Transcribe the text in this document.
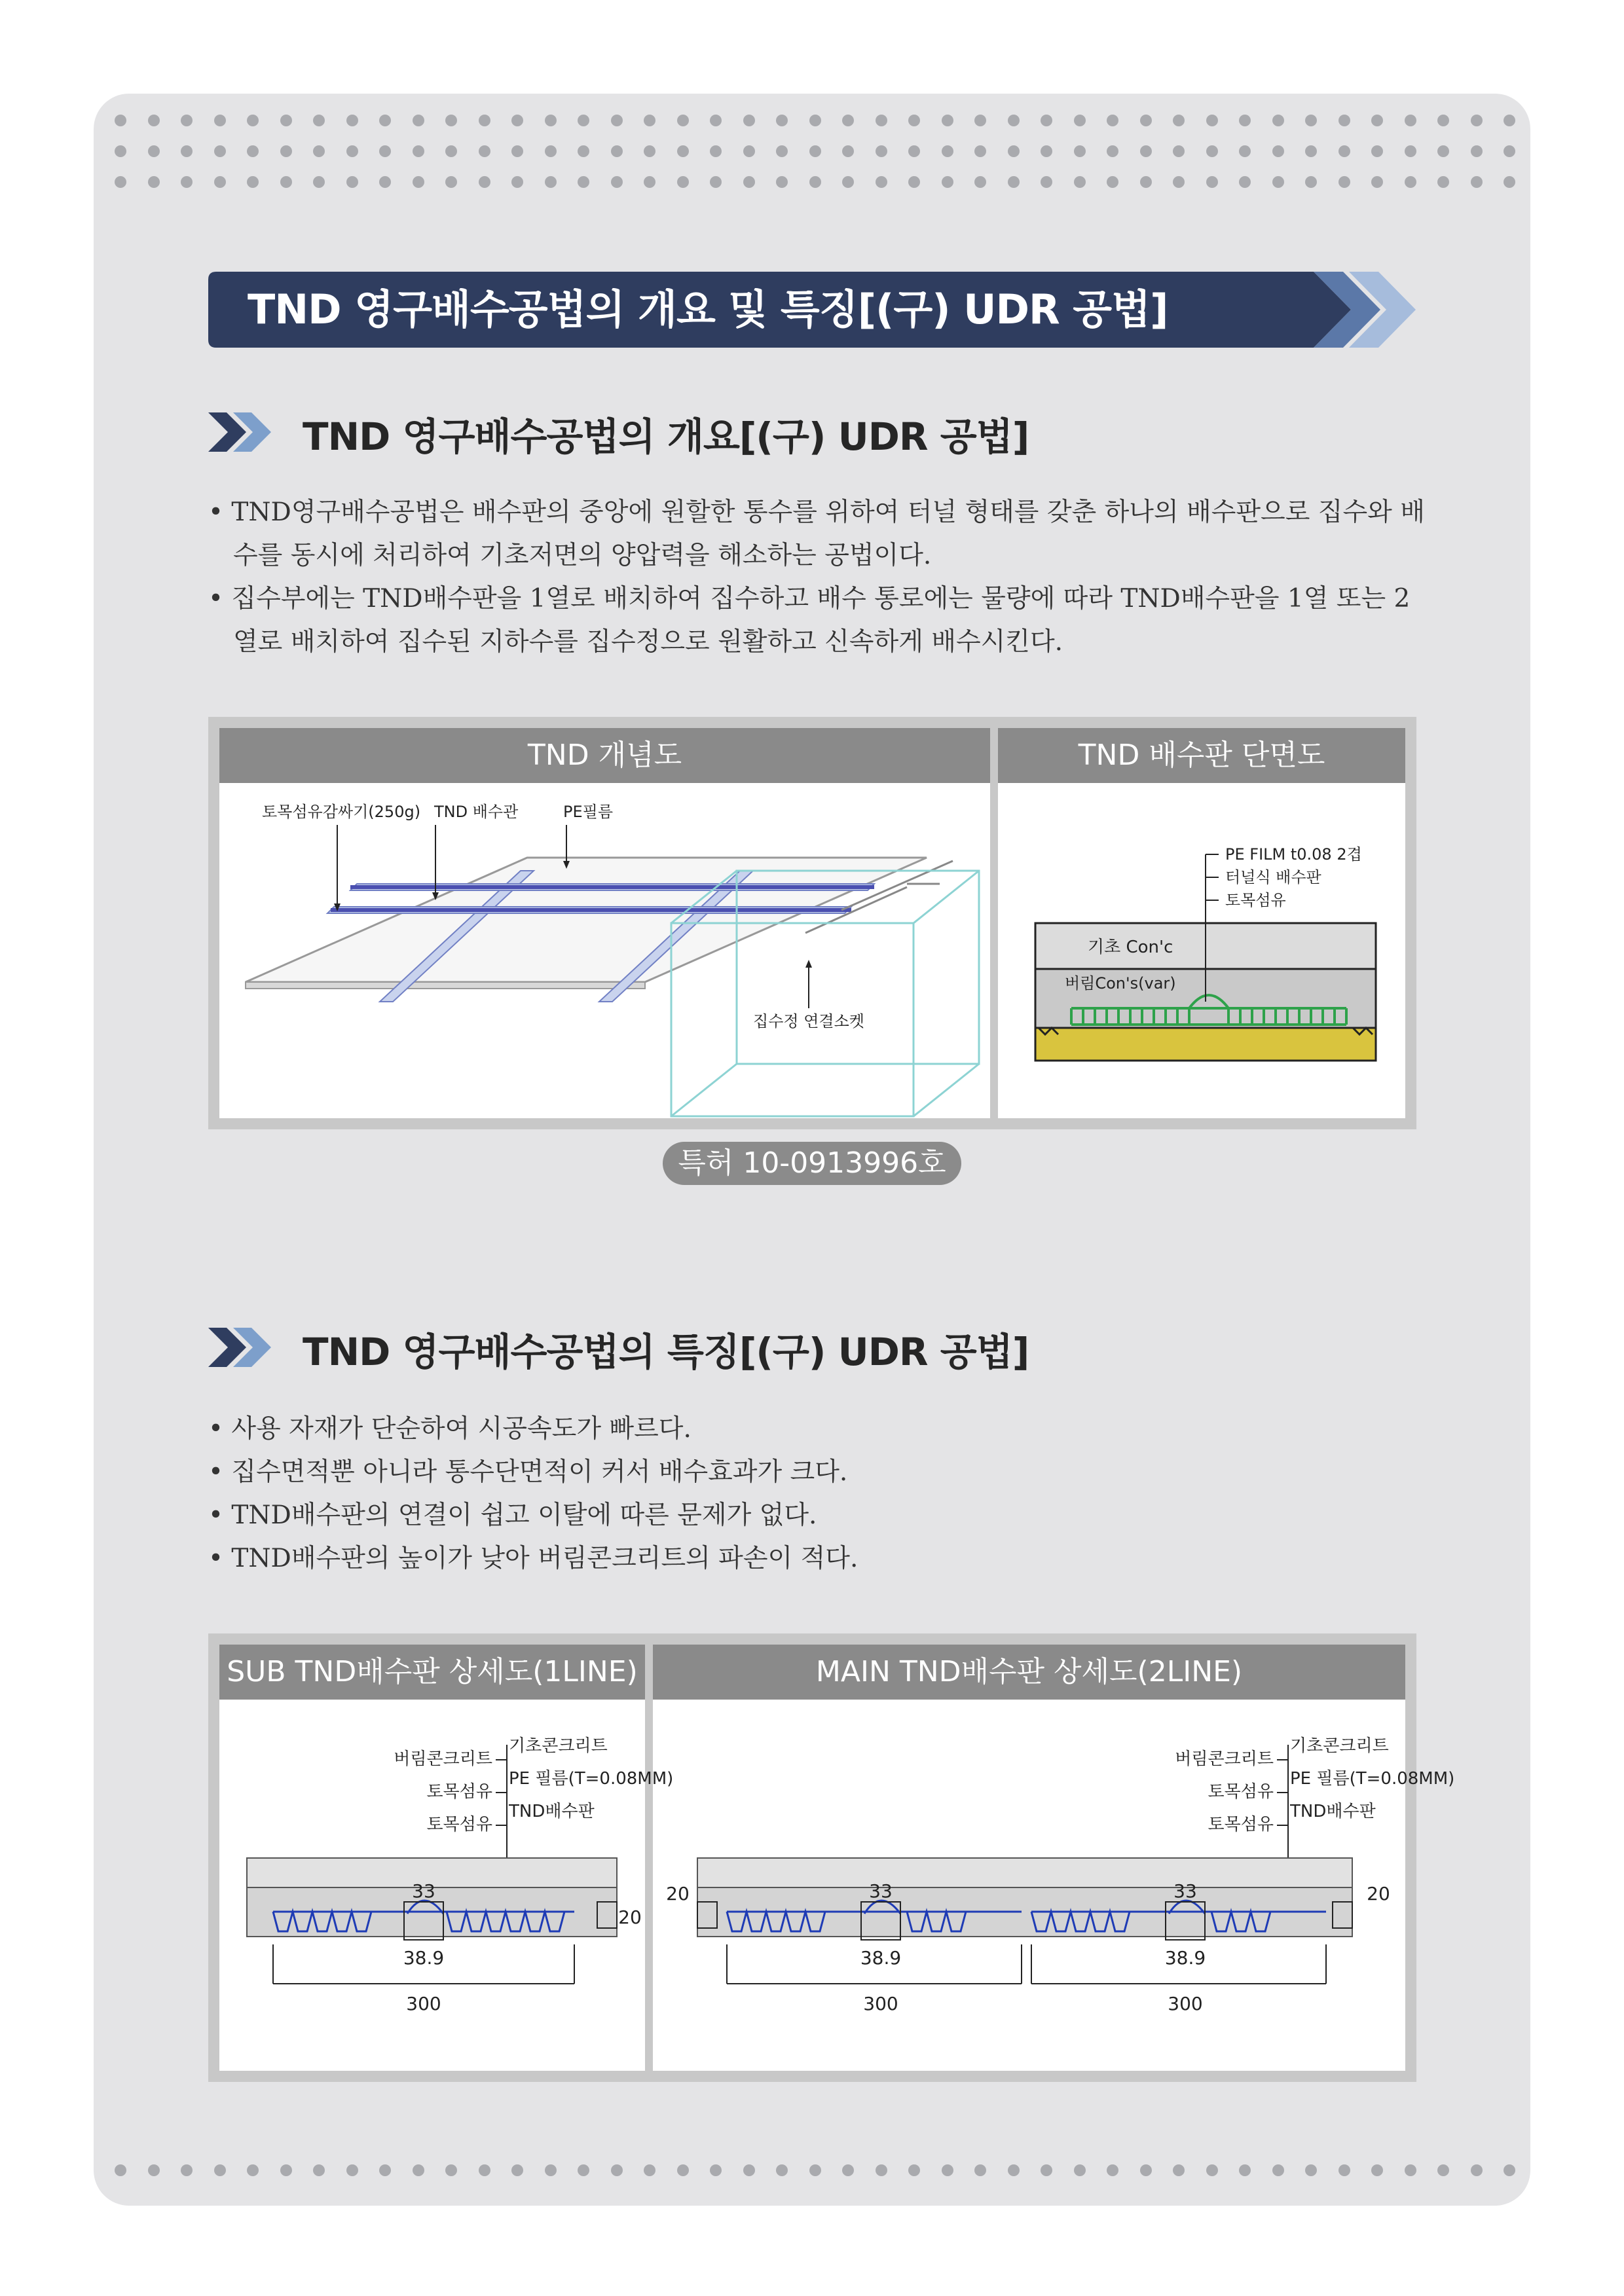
TND 영구배수공법의 개요 및 특징[(구) UDR 공법]
TND 영구배수공법의 개요[(구) UDR 공법]

• TND영구배수공법은 배수판의 중앙에 원할한 통수를 위하여 터널 형태를 갖춘 하나의 배수판으로 집수와 배수를 동시에 처리하여 기초저면의 양압력을 해소하는 공법이다.

• 집수부에는 TND배수판을 1열로 배치하여 집수하고 배수 통로에는 물량에 따라 TND배수판을 1열 또는 2열로 배치하여 집수된 지하수를 집수정으로 원활하고 신속하게 배수시킨다.

TND 개념도	TND 배수판 단면도
토목섬유감싸기(250g) TND 배수관	PE필름
집수정 연결소켓
PE FILM t0.08 2겹
터널식 배수판
토목섬유
기초 Con'c
버림Con's(var)
특허 10-0913996호
TND 영구배수공법의 특징[(구) UDR 공법]

• 사용 자재가 단순하여 시공속도가 빠르다.

• 집수면적뿐 아니라 통수단면적이 커서 배수효과가 크다.

• TND배수판의 연결이 쉽고 이탈에 따른 문제가 없다.

• TND배수판의 높이가 낮아 버림콘크리트의 파손이 적다.

SUB TND배수판 상세도(1LINE)	MAIN TND배수판 상세도(2LINE)
기초콘크리트
PE 필름(T=0.08MM)
TND배수판
버림콘크리트
토목섬유
토목섬유
33
38.9
300
20
기초콘크리트
PE 필름(T=0.08MM)
TND배수판
버림콘크리트
토목섬유
토목섬유
33	33
38.9	38.9
300	300
20	20
